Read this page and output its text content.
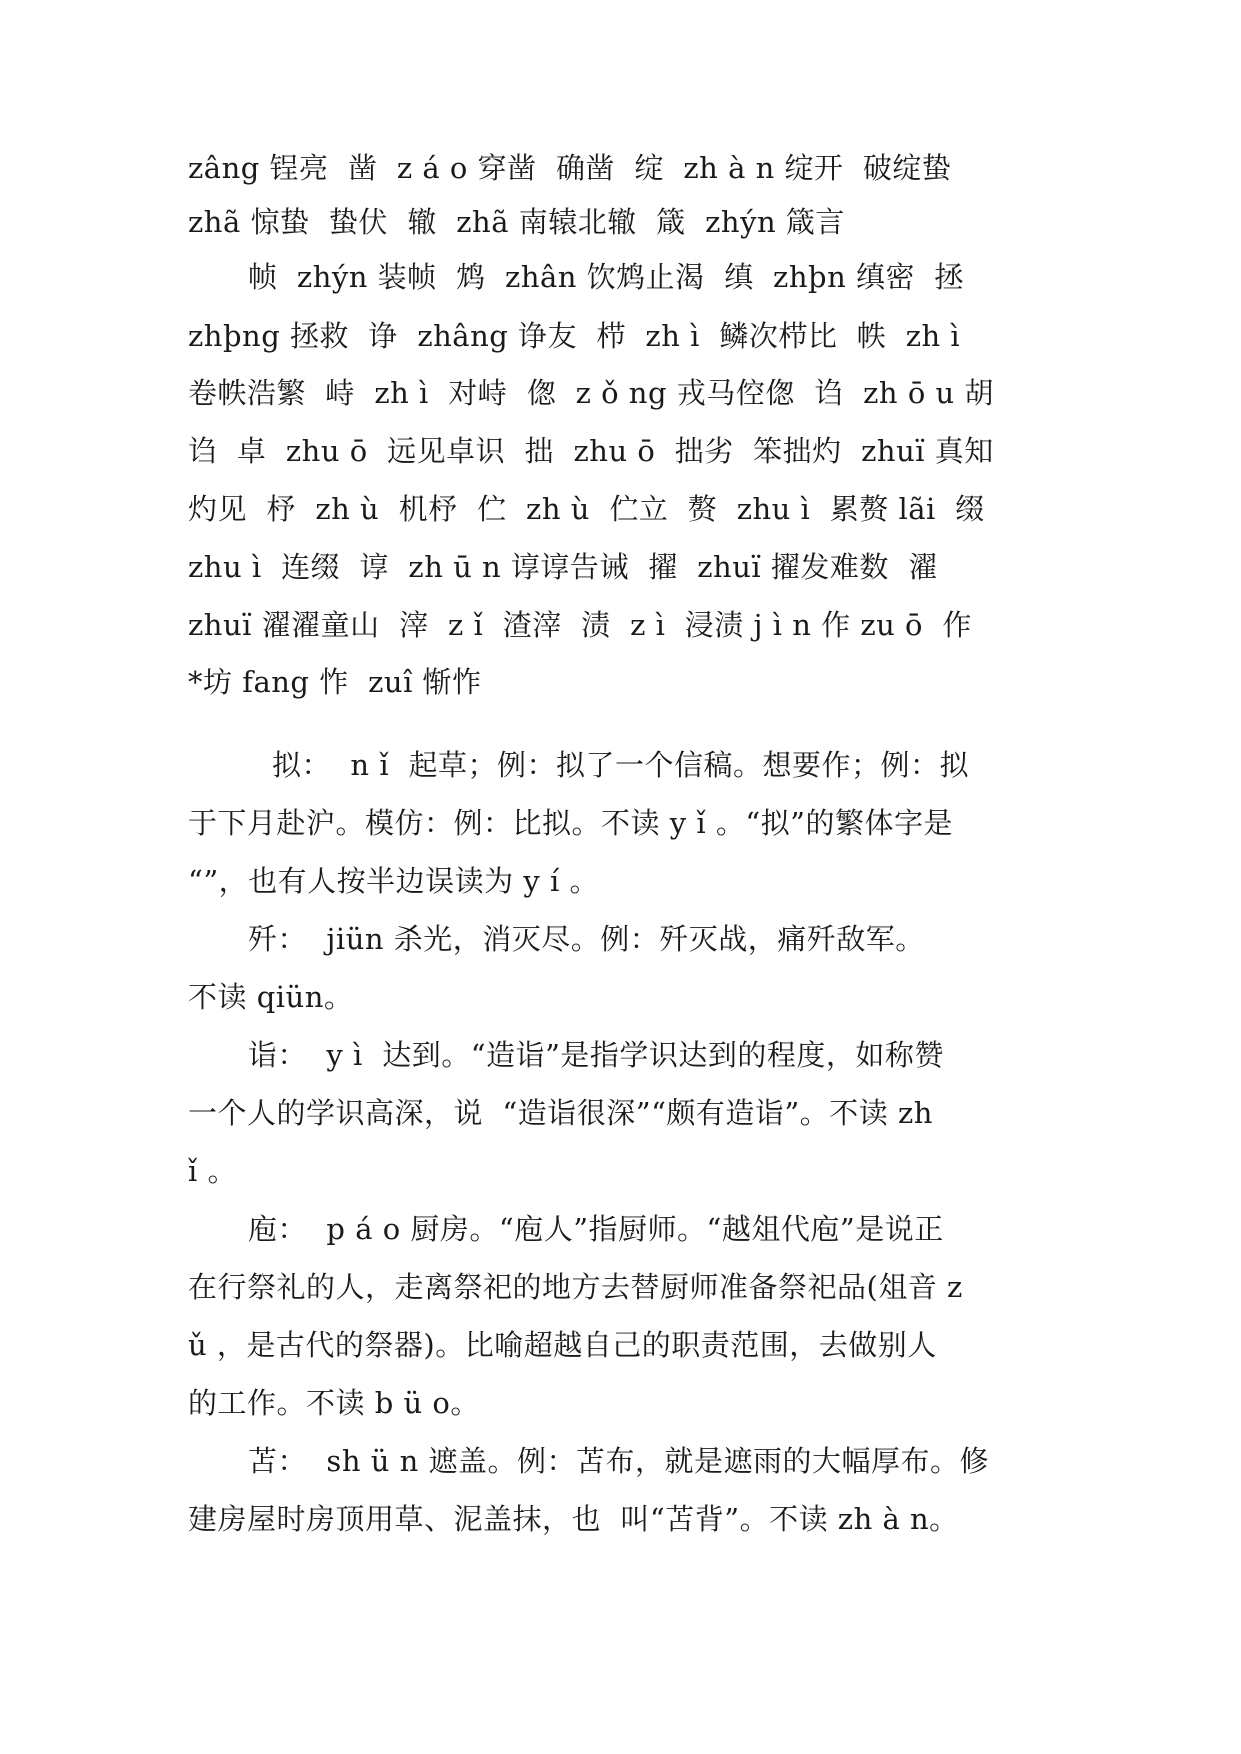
zâng 锃亮  凿  z á o 穿凿  确凿  绽  zh à n 绽开  破绽蛰
zhã 惊蛰  蛰伏  辙  zhã 南辕北辙  箴  zhýn 箴言
帧  zhýn 装帧  鸩  zhân 饮鸩止渴  缜  zhþn 缜密  拯
zhþng 拯救  诤  zhâng 诤友  栉  zh ì  鳞次栉比  帙  zh ì
卷帙浩繁  峙  zh ì  对峙  偬  z ǒ ng 戎马倥偬  诌  zh ō u 胡
诌  卓  zhu ō  远见卓识  拙  zhu ō  拙劣  笨拙灼  zhuï 真知
灼见  杼  zh ù  机杼  伫  zh ù  伫立  赘  zhu ì  累赘 lãi  缀
zhu ì  连缀  谆  zh ū n 谆谆告诫  擢  zhuï 擢发难数  濯
zhuï 濯濯童山  滓  z ǐ  渣滓  渍  z ì  浸渍 j ì n 作 zu ō  作
*坊 fang 怍  zuî 惭怍
拟：  n ǐ  起草；例：拟了一个信稿。想要作；例：拟
于下月赴沪。模仿：例：比拟。不读 y ǐ 。“拟”的繁体字是
“”，也有人按半边误读为 y í 。
歼：  jiün 杀光，消灭尽。例：歼灭战，痛歼敌军。
不读 qiün。
诣：  y ì  达到。“造诣”是指学识达到的程度，如称赞
一个人的学识高深，说  “造诣很深”“颇有造诣”。不读 zh
ǐ 。
庖：  p á o 厨房。“庖人”指厨师。“越俎代庖”是说正
在行祭礼的人，走离祭祀的地方去替厨师准备祭祀品(俎音 z
ǔ ，是古代的祭器)。比喻超越自己的职责范围，去做别人
的工作。不读 b ü o。
苫：  sh ü n 遮盖。例：苫布，就是遮雨的大幅厚布。修
建房屋时房顶用草、泥盖抹，也  叫“苫背”。不读 zh à n。
